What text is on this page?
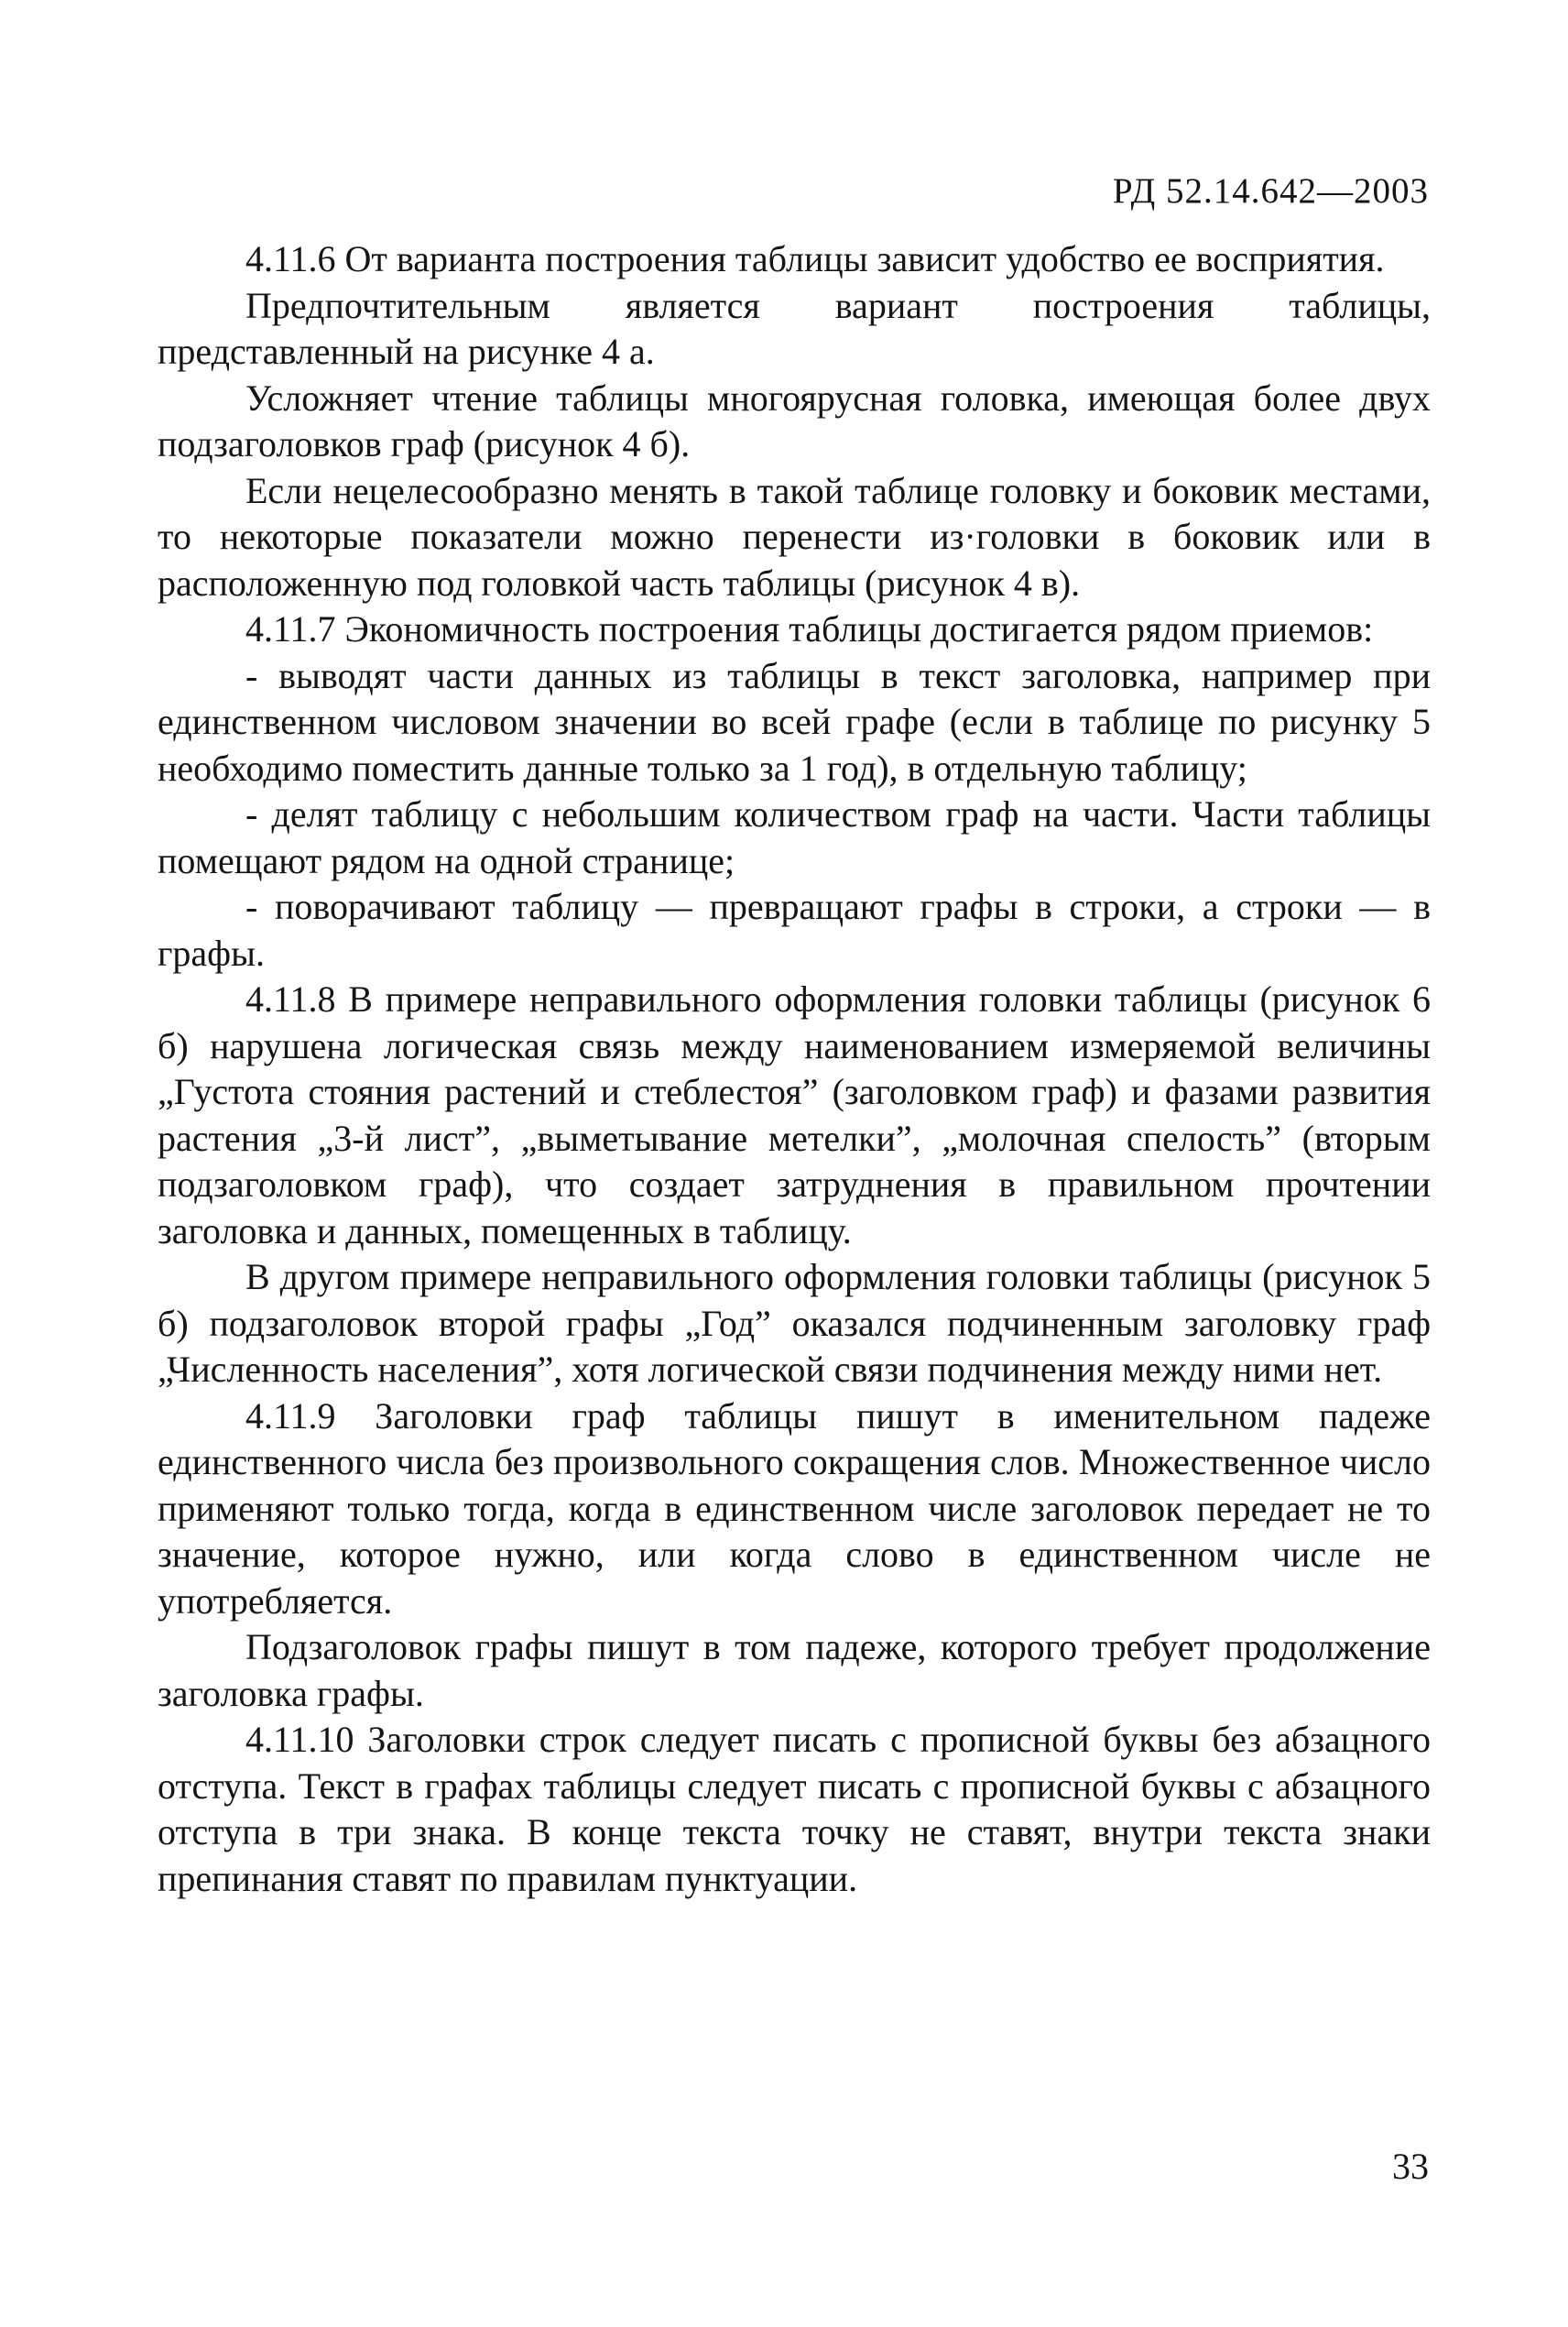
РД 52.14.642—2003

4.11.6 От варианта построения таблицы зависит удобство ее восприятия.

Предпочтительным является вариант построения таблицы, представленный на рисунке 4 а.

Усложняет чтение таблицы многоярусная головка, имеющая более двух подзаголовков граф (рисунок 4 б).

Если нецелесообразно менять в такой таблице головку и боковик местами, то некоторые показатели можно перенести из·головки в боковик или в расположенную под головкой часть таблицы (рисунок 4 в).

4.11.7 Экономичность построения таблицы достигается рядом приемов:

- выводят части данных из таблицы в текст заголовка, например при единственном числовом значении во всей графе (если в таблице по рисунку 5 необходимо поместить данные только за 1 год), в отдельную таблицу;

- делят таблицу с небольшим количеством граф на части. Части таблицы помещают рядом на одной странице;

- поворачивают таблицу — превращают графы в строки, а строки — в графы.

4.11.8 В примере неправильного оформления головки таблицы (рисунок 6 б) нарушена логическая связь между наименованием измеряемой величины „Густота стояния растений и стеблестоя” (заголовком граф) и фазами развития растения „3-й лист”, „выметывание метелки”, „молочная спелость” (вторым подзаголовком граф), что создает затруднения в правильном прочтении заголовка и данных, помещенных в таблицу.

В другом примере неправильного оформления головки таблицы (рисунок 5 б) подзаголовок второй графы „Год” оказался подчиненным заголовку граф „Численность населения”, хотя логической связи подчинения между ними нет.

4.11.9 Заголовки граф таблицы пишут в именительном падеже единственного числа без произвольного сокращения слов. Множественное число применяют только тогда, когда в единственном числе заголовок передает не то значение, которое нужно, или когда слово в единственном числе не употребляется.

Подзаголовок графы пишут в том падеже, которого требует продолжение заголовка графы.

4.11.10 Заголовки строк следует писать с прописной буквы без абзацного отступа. Текст в графах таблицы следует писать с прописной буквы с абзацного отступа в три знака. В конце текста точку не ставят, внутри текста знаки препинания ставят по правилам пунктуации.

33
